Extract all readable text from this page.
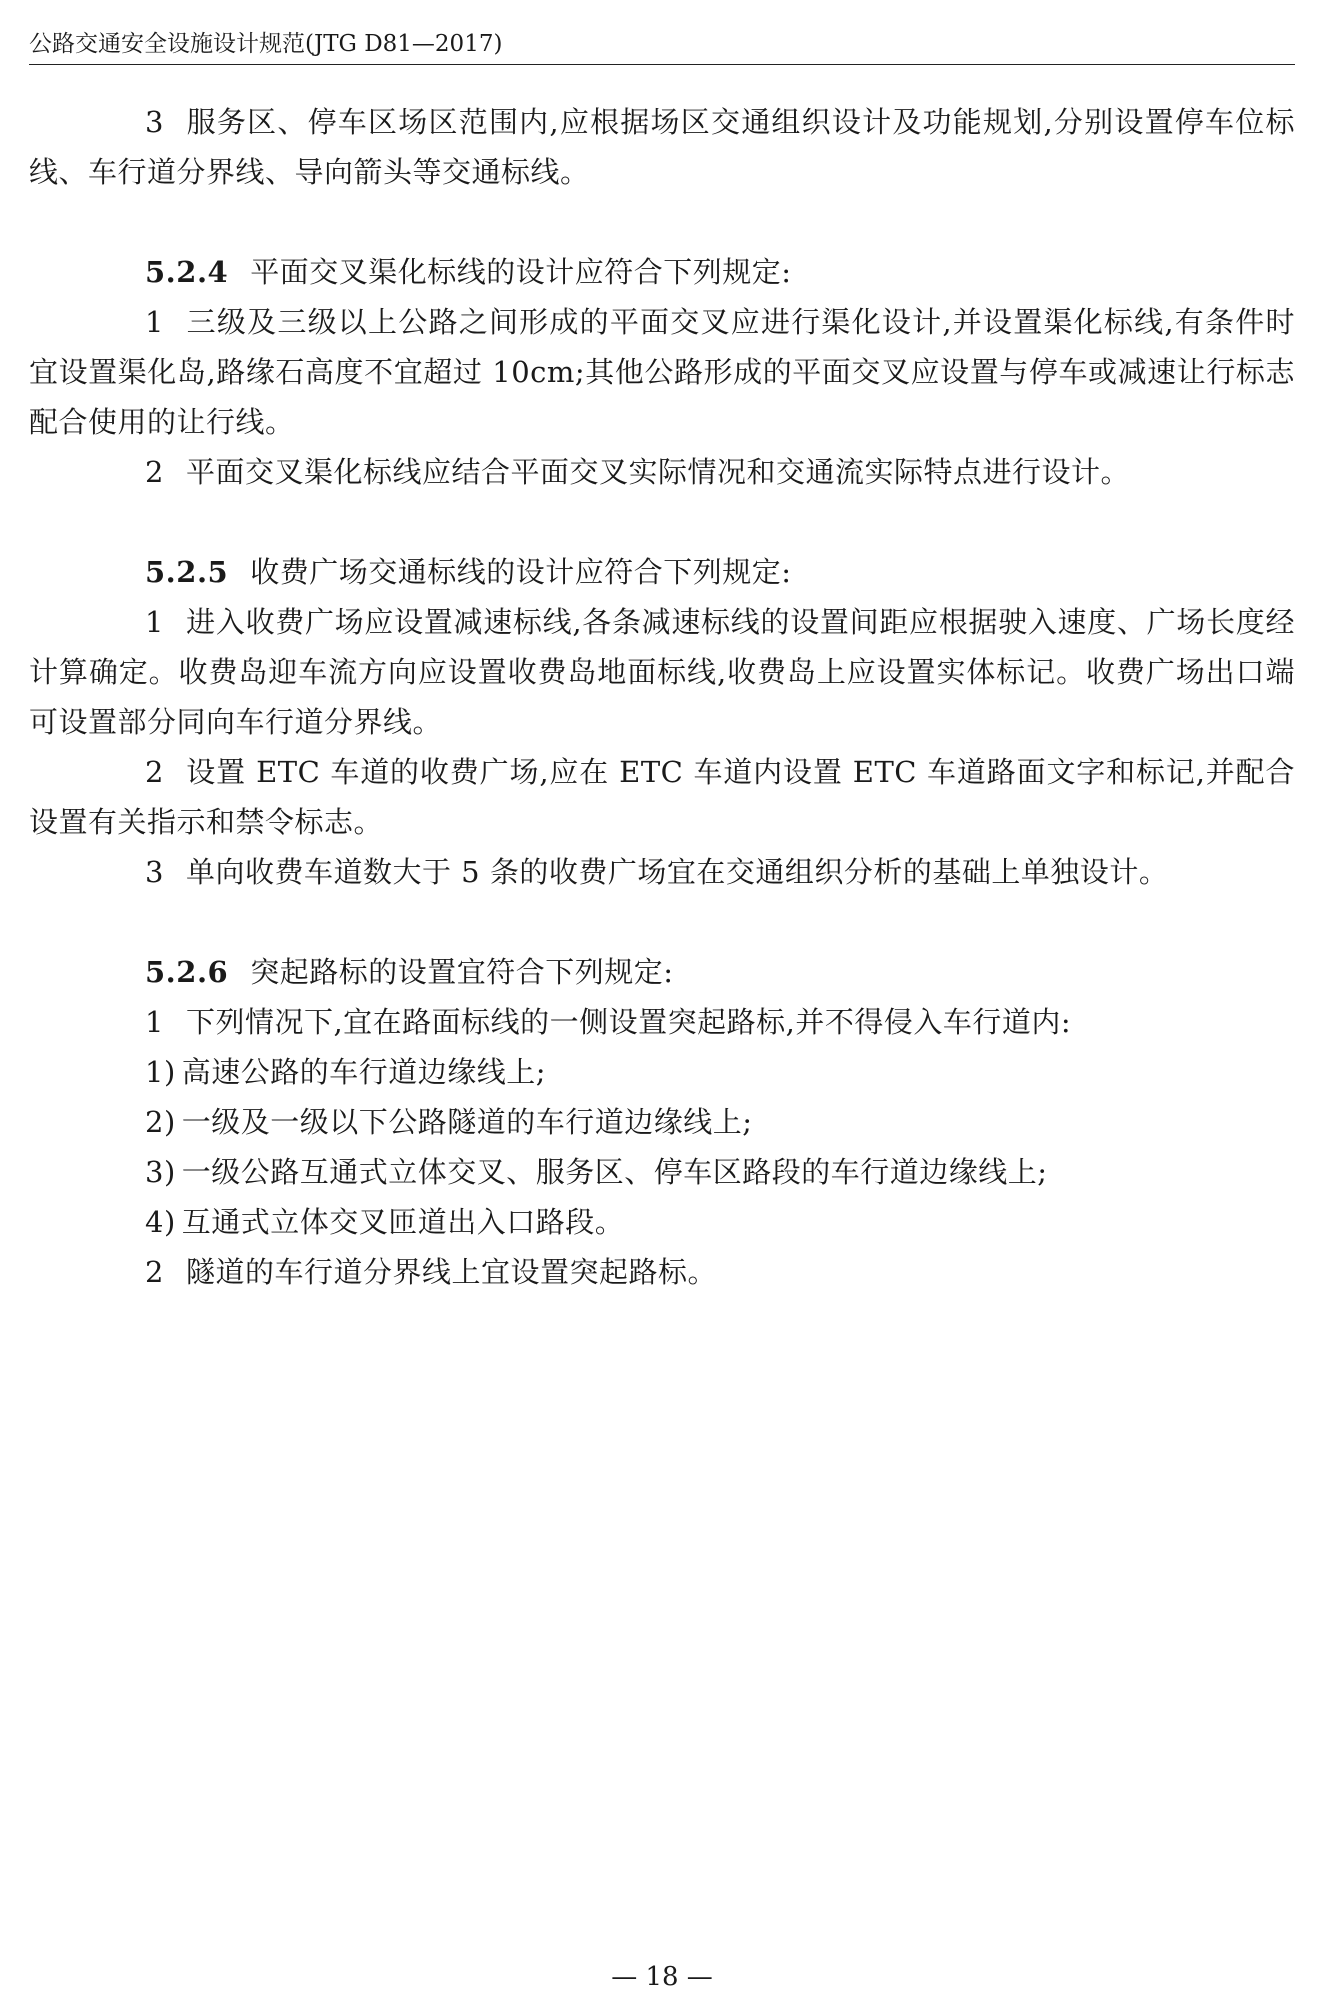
公路交通安全设施设计规范(JTG D81—2017)

3 服务区、停车区场区范围内,应根据场区交通组织设计及功能规划,分别设置停车位标线、车行道分界线、导向箭头等交通标线。

5.2.4 平面交叉渠化标线的设计应符合下列规定:

1 三级及三级以上公路之间形成的平面交叉应进行渠化设计,并设置渠化标线,有条件时宜设置渠化岛,路缘石高度不宜超过 10cm;其他公路形成的平面交叉应设置与停车或减速让行标志配合使用的让行线。

2 平面交叉渠化标线应结合平面交叉实际情况和交通流实际特点进行设计。

5.2.5 收费广场交通标线的设计应符合下列规定:

1 进入收费广场应设置减速标线,各条减速标线的设置间距应根据驶入速度、广场长度经计算确定。收费岛迎车流方向应设置收费岛地面标线,收费岛上应设置实体标记。收费广场出口端可设置部分同向车行道分界线。

2 设置 ETC 车道的收费广场,应在 ETC 车道内设置 ETC 车道路面文字和标记,并配合设置有关指示和禁令标志。

3 单向收费车道数大于 5 条的收费广场宜在交通组织分析的基础上单独设计。

5.2.6 突起路标的设置宜符合下列规定:

1 下列情况下,宜在路面标线的一侧设置突起路标,并不得侵入车行道内:

1) 高速公路的车行道边缘线上;

2) 一级及一级以下公路隧道的车行道边缘线上;

3) 一级公路互通式立体交叉、服务区、停车区路段的车行道边缘线上;

4) 互通式立体交叉匝道出入口路段。

2 隧道的车行道分界线上宜设置突起路标。

— 18 —
